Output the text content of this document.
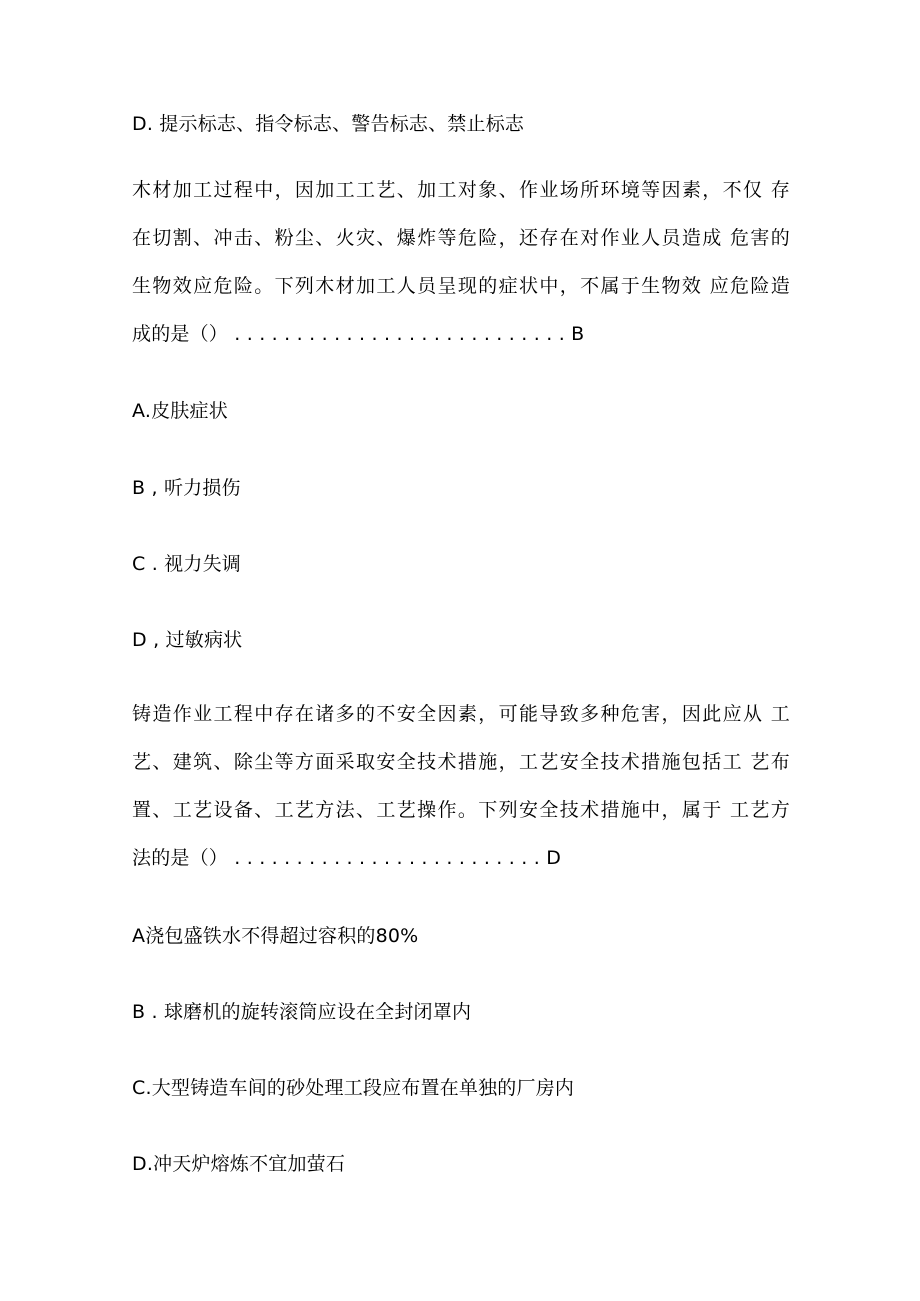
D. 提示标志、指令标志、警告标志、禁止标志
木材加工过程中，因加工工艺、加工对象、作业场所环境等因素，不仅 存
在切割、冲击、粉尘、火灾、爆炸等危险，还存在对作业人员造成 危害的
生物效应危险。下列木材加工人员呈现的症状中，不属于生物效 应危险造
成的是（） . . . . . . . . . . . . . . . . . . . . . . . . . . . B
A.皮肤症状
B , 听力损伤
C . 视力失调
D , 过敏病状
铸造作业工程中存在诸多的不安全因素，可能导致多种危害，因此应从 工
艺、建筑、除尘等方面采取安全技术措施，工艺安全技术措施包括工 艺布
置、工艺设备、工艺方法、工艺操作。下列安全技术措施中，属于 工艺方
法的是（） . . . . . . . . . . . . . . . . . . . . . . . . . D
A浇包盛铁水不得超过容积的80%
B . 球磨机的旋转滚筒应设在全封闭罩内
C.大型铸造车间的砂处理工段应布置在单独的厂房内
D.冲天炉熔炼不宜加萤石
